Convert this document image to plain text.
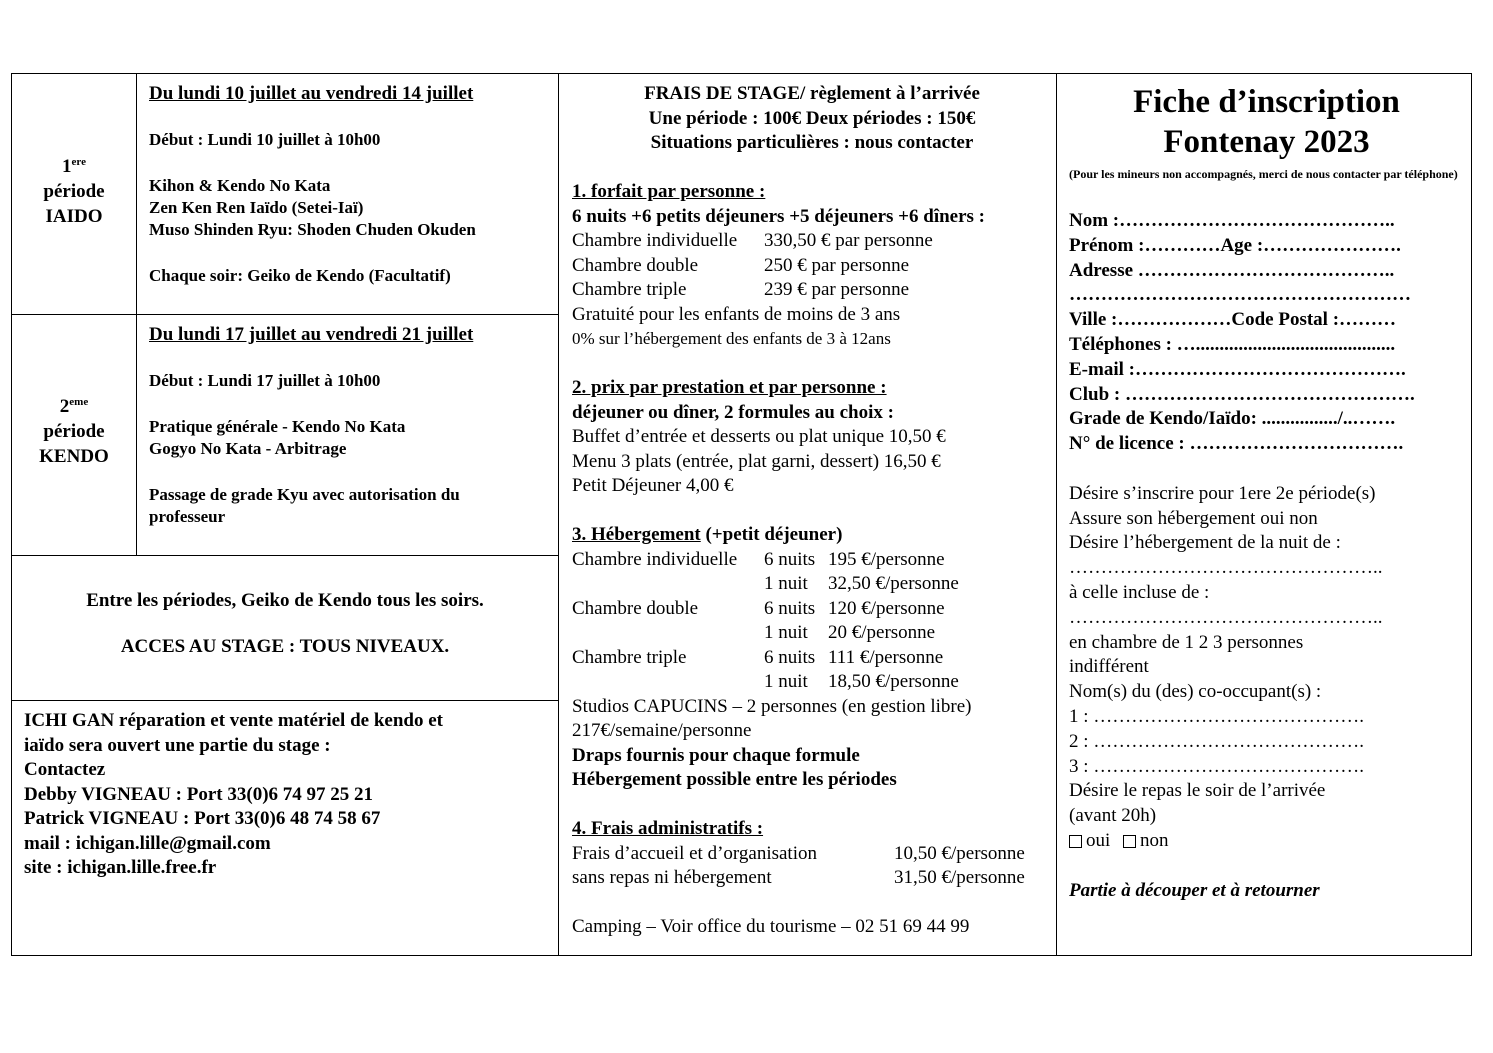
1ere
période
IAIDO
Du lundi 10 juillet au vendredi 14 juillet
Début : Lundi 10 juillet à 10h00
Kihon & Kendo No Kata
Zen Ken Ren Iaïdo (Setei-Iaï)
Muso Shinden Ryu: Shoden Chuden Okuden
Chaque soir: Geiko de Kendo (Facultatif)
2eme
période
KENDO
Du lundi 17 juillet au vendredi 21 juillet
Début : Lundi 17 juillet à 10h00
Pratique générale - Kendo No Kata
Gogyo No Kata - Arbitrage
Passage de grade Kyu avec autorisation du
professeur
Entre les périodes, Geiko de Kendo tous les soirs.
ACCES AU STAGE : TOUS NIVEAUX.
ICHI GAN réparation et vente matériel de kendo et
iaïdo sera ouvert une partie du stage :
Contactez
Debby VIGNEAU : Port 33(0)6 74 97 25 21
Patrick VIGNEAU : Port 33(0)6 48 74 58 67
mail : ichigan.lille@gmail.com
site : ichigan.lille.free.fr
FRAIS DE STAGE/ règlement à l’arrivée
Une période : 100€ Deux périodes : 150€
Situations particulières : nous contacter
1. forfait par personne :
6 nuits +6 petits déjeuners +5 déjeuners +6 dîners :
Chambre individuelle	330,50 € par personne
Chambre double	250 € par personne
Chambre triple	239 € par personne
Gratuité pour les enfants de moins de 3 ans
0% sur l’hébergement des enfants de 3 à 12ans
2. prix par prestation et par personne :
déjeuner ou dîner, 2 formules au choix :
Buffet d’entrée et desserts ou plat unique 10,50 €
Menu 3 plats (entrée, plat garni, dessert) 16,50 €
Petit Déjeuner 4,00 €
3. Hébergement (+petit déjeuner)
Chambre individuelle	6 nuits 195 €/personne
1 nuit	32,50 €/personne
Chambre double	6 nuits 120 €/personne
1 nuit	20 €/personne
Chambre triple	6 nuits 111 €/personne
1 nuit	18,50 €/personne
Studios CAPUCINS – 2 personnes (en gestion libre)
217€/semaine/personne
Draps fournis pour chaque formule
Hébergement possible entre les périodes
4. Frais administratifs :
Frais d’accueil et d’organisation	10,50 €/personne
sans repas ni hébergement	31,50 €/personne
Camping – Voir office du tourisme – 02 51 69 44 99
Fiche d’inscription
Fontenay 2023
(Pour les mineurs non accompagnés, merci de nous contacter par téléphone)
Nom :……………………………………..
Prénom :…………Age :………………….
Adresse …………………………………..
………………………………………………
Ville :………………Code Postal :………
Téléphones : …..........................................
E-mail :…………………………………….
Club : ……………………………………….
Grade de Kendo/Iaïdo: ................/..…….
N° de licence : …………………………….
Désire s’inscrire pour 1ere 2e période(s)
Assure son hébergement oui non
Désire l’hébergement de la nuit de :
…………………………………………..
à celle incluse de :
…………………………………………..
en chambre de 1 2 3 personnes
indifférent
Nom(s) du (des) co-occupant(s) :
1 : …………………………………….
2 : …………………………………….
3 : …………………………………….
Désire le repas le soir de l’arrivée
(avant 20h)
oui non
Partie à découper et à retourner
